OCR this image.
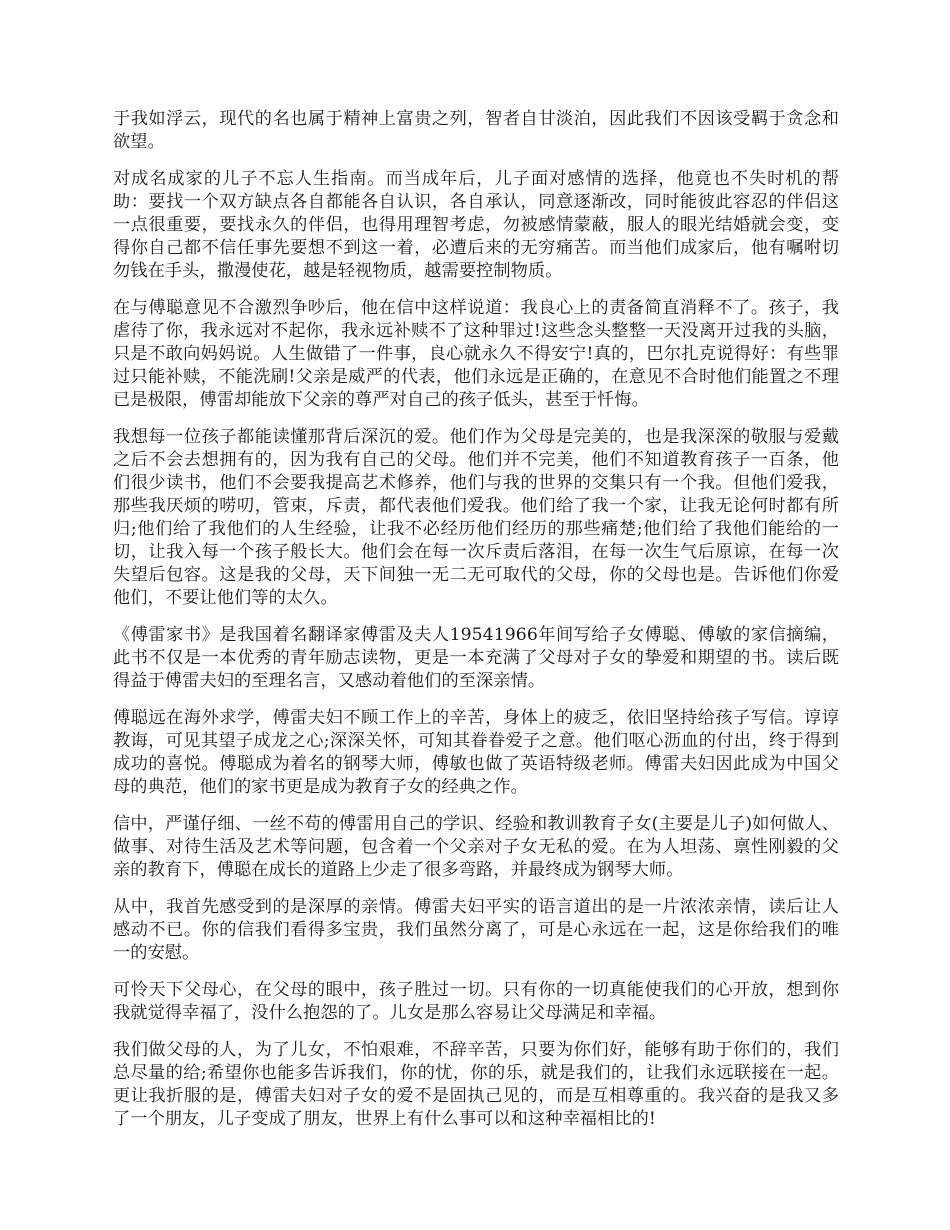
于我如浮云，现代的名也属于精神上富贵之列，智者自甘淡泊，因此我们不因该受羁于贪念和欲望。

对成名成家的儿子不忘人生指南。而当成年后，儿子面对感情的选择，他竟也不失时机的帮助：要找一个双方缺点各自都能各自认识，各自承认，同意逐渐改，同时能彼此容忍的伴侣这一点很重要，要找永久的伴侣，也得用理智考虑，勿被感情蒙蔽，服人的眼光结婚就会变，变得你自己都不信任事先要想不到这一着，必遭后来的无穷痛苦。而当他们成家后，他有嘱咐切勿钱在手头，撒漫使花，越是轻视物质，越需要控制物质。

在与傅聪意见不合激烈争吵后，他在信中这样说道：我良心上的责备简直消释不了。孩子，我虐待了你，我永远对不起你，我永远补赎不了这种罪过!这些念头整整一天没离开过我的头脑，只是不敢向妈妈说。人生做错了一件事，良心就永久不得安宁!真的，巴尔扎克说得好：有些罪过只能补赎，不能洗刷!父亲是威严的代表，他们永远是正确的，在意见不合时他们能置之不理已是极限，傅雷却能放下父亲的尊严对自己的孩子低头，甚至于忏悔。

我想每一位孩子都能读懂那背后深沉的爱。他们作为父母是完美的，也是我深深的敬服与爱戴之后不会去想拥有的，因为我有自己的父母。他们并不完美，他们不知道教育孩子一百条，他们很少读书，他们不会要我提高艺术修养，他们与我的世界的交集只有一个我。但他们爱我，那些我厌烦的唠叨，管束，斥责，都代表他们爱我。他们给了我一个家，让我无论何时都有所归;他们给了我他们的人生经验，让我不必经历他们经历的那些痛楚;他们给了我他们能给的一切，让我入每一个孩子般长大。他们会在每一次斥责后落泪，在每一次生气后原谅，在每一次失望后包容。这是我的父母，天下间独一无二无可取代的父母，你的父母也是。告诉他们你爱他们，不要让他们等的太久。

《傅雷家书》是我国着名翻译家傅雷及夫人19541966年间写给子女傅聪、傅敏的家信摘编，此书不仅是一本优秀的青年励志读物，更是一本充满了父母对子女的挚爱和期望的书。读后既得益于傅雷夫妇的至理名言，又感动着他们的至深亲情。

傅聪远在海外求学，傅雷夫妇不顾工作上的辛苦，身体上的疲乏，依旧坚持给孩子写信。谆谆教诲，可见其望子成龙之心;深深关怀，可知其眷眷爱子之意。他们呕心沥血的付出，终于得到成功的喜悦。傅聪成为着名的钢琴大师，傅敏也做了英语特级老师。傅雷夫妇因此成为中国父母的典范，他们的家书更是成为教育子女的经典之作。

信中，严谨仔细、一丝不苟的傅雷用自己的学识、经验和教训教育子女(主要是儿子)如何做人、做事、对待生活及艺术等问题，包含着一个父亲对子女无私的爱。在为人坦荡、禀性刚毅的父亲的教育下，傅聪在成长的道路上少走了很多弯路，并最终成为钢琴大师。

从中，我首先感受到的是深厚的亲情。傅雷夫妇平实的语言道出的是一片浓浓亲情，读后让人感动不已。你的信我们看得多宝贵，我们虽然分离了，可是心永远在一起，这是你给我们的唯一的安慰。

可怜天下父母心，在父母的眼中，孩子胜过一切。只有你的一切真能使我们的心开放，想到你我就觉得幸福了，没什么抱怨的了。儿女是那么容易让父母满足和幸福。

我们做父母的人，为了儿女，不怕艰难，不辞辛苦，只要为你们好，能够有助于你们的，我们总尽量的给;希望你也能多告诉我们，你的忧，你的乐，就是我们的，让我们永远联接在一起。更让我折服的是，傅雷夫妇对子女的爱不是固执己见的，而是互相尊重的。我兴奋的是我又多了一个朋友，儿子变成了朋友，世界上有什么事可以和这种幸福相比的!
